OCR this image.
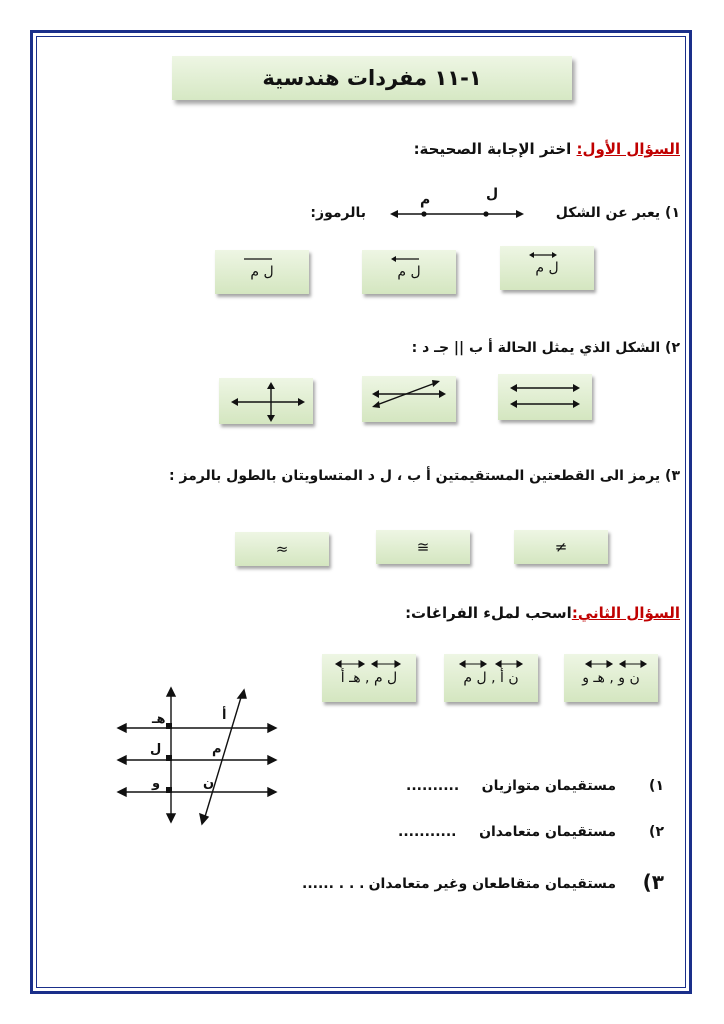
١-١١ مفردات هندسية
السؤال الأول: اختر الإجابة الصحيحة:
١) يعبر عن الشكل
بالرموز:
م	ل
ل م	ل م	ل م
٢) الشكل الذي يمثل الحالة أ ب || جـ د :
٣) يرمز الى القطعتين المستقيمتين أ ب ، ل د المتساويتان بالطول بالرمز :
≈	≅	≠
السؤال الثاني:اسحب لملء الفراغات:
ل م , هـ أ	ن أ , ل م	ن و , هـ و
هـ	أ
ل	م
و	ن	١)
مستقيمان متوازيان
..........
٢)
مستقيمان متعامدان
...........
٣)
مستقيمان متقاطعان وغير متعامدان
...... . . .
